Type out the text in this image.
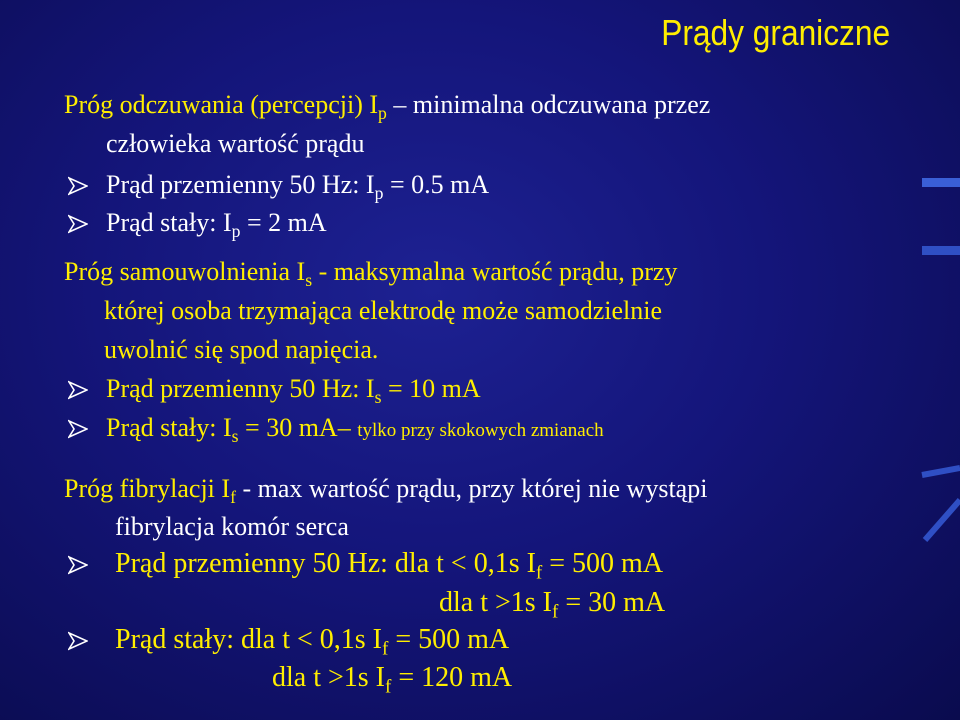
Prądy graniczne
Próg odczuwania (percepcji) $I_p$ – minimalna odczuwana przez
człowieka wartość prądu
Prąd przemienny 50 Hz: $I_p = 0.5$ mA
Prąd stały: $I_p = 2$ mA
Próg samouwolnienia $I_s$ - maksymalna wartość prądu, przy
której osoba trzymająca elektrodę może samodzielnie
uwolnić się spod napięcia.
Prąd przemienny 50 Hz: $I_s = 10$ mA
Prąd stały: $I_s = 30$ mA– tylko przy skokowych zmianach
Próg fibrylacji $I_f$ - max wartość prądu, przy której nie wystąpi
fibrylacja komór serca
Prąd przemienny 50 Hz: dla t < 0,1s $I_f = 500$ mA
dla t >1s $I_f = 30$ mA
Prąd stały: dla t < 0,1s $I_f = 500$ mA
dla t >1s $I_f = 120$ mA
